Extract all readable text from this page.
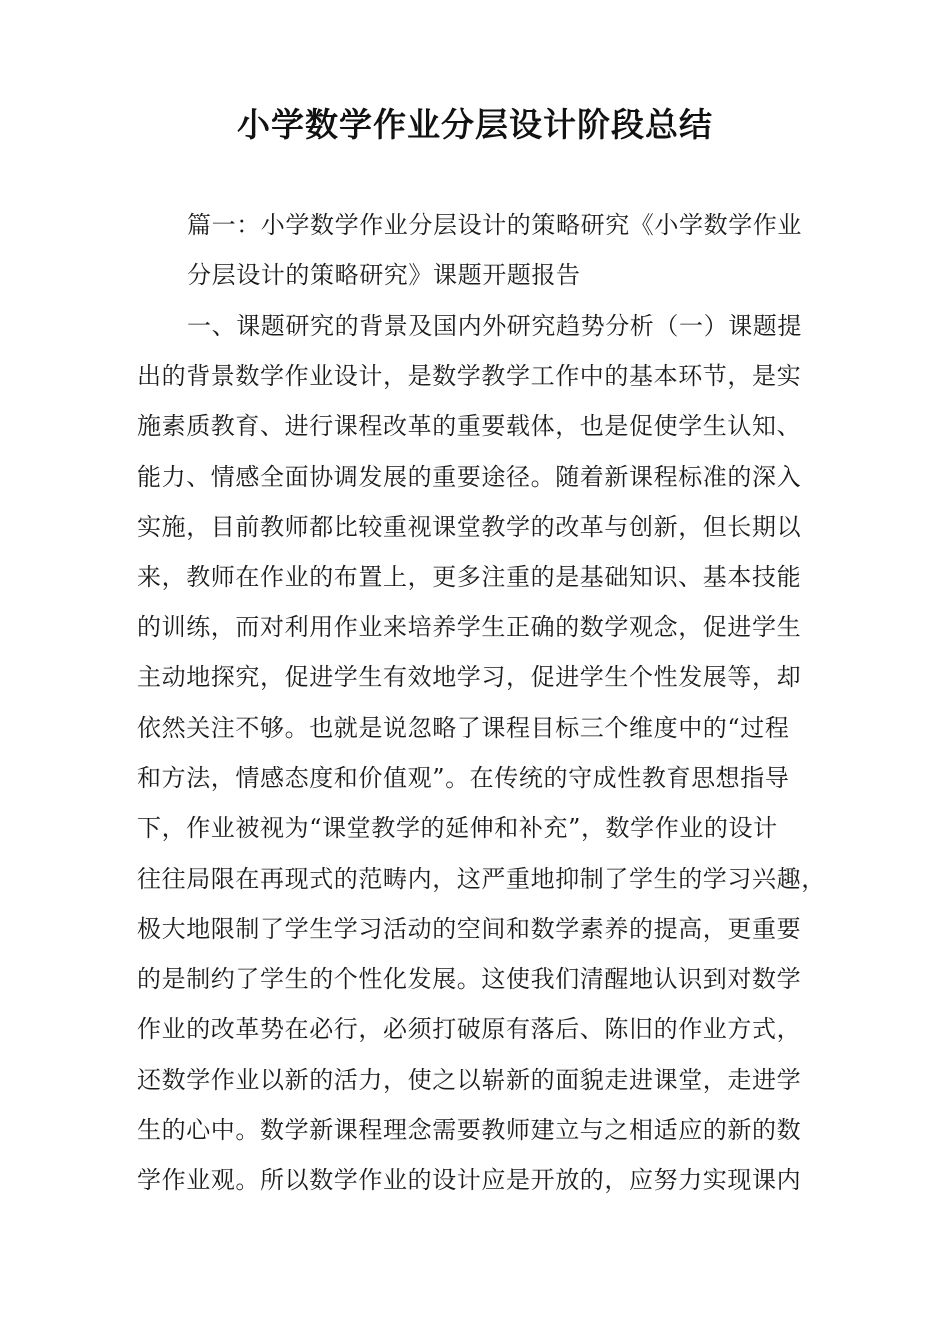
小学数学作业分层设计阶段总结
篇一：小学数学作业分层设计的策略研究《小学数学作业
分层设计的策略研究》课题开题报告
一、课题研究的背景及国内外研究趋势分析（一）课题提
出的背景数学作业设计，是数学教学工作中的基本环节，是实
施素质教育、进行课程改革的重要载体，也是促使学生认知、
能力、情感全面协调发展的重要途径。随着新课程标准的深入
实施，目前教师都比较重视课堂教学的改革与创新，但长期以
来，教师在作业的布置上，更多注重的是基础知识、基本技能
的训练，而对利用作业来培养学生正确的数学观念，促进学生
主动地探究，促进学生有效地学习，促进学生个性发展等，却
依然关注不够。也就是说忽略了课程目标三个维度中的“过程
和方法，情感态度和价值观”。在传统的守成性教育思想指导
下，作业被视为“课堂教学的延伸和补充”，数学作业的设计
往往局限在再现式的范畴内，这严重地抑制了学生的学习兴趣，
极大地限制了学生学习活动的空间和数学素养的提高，更重要
的是制约了学生的个性化发展。这使我们清醒地认识到对数学
作业的改革势在必行，必须打破原有落后、陈旧的作业方式，
还数学作业以新的活力，使之以崭新的面貌走进课堂，走进学
生的心中。数学新课程理念需要教师建立与之相适应的新的数
学作业观。所以数学作业的设计应是开放的，应努力实现课内
